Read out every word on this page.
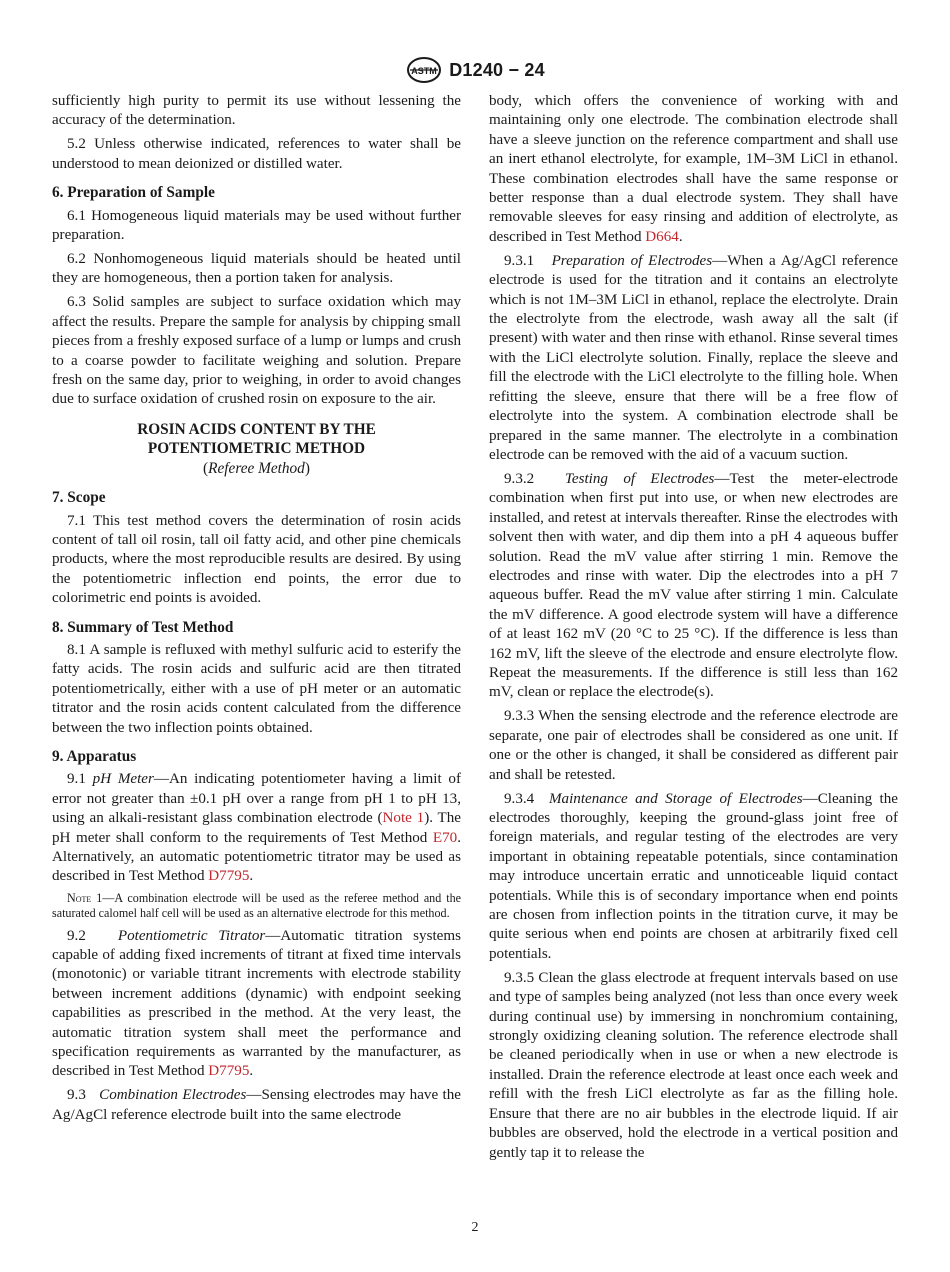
ASTM D1240 − 24

sufficiently high purity to permit its use without lessening the accuracy of the determination.

5.2 Unless otherwise indicated, references to water shall be understood to mean deionized or distilled water.

6. Preparation of Sample

6.1 Homogeneous liquid materials may be used without further preparation.

6.2 Nonhomogeneous liquid materials should be heated until they are homogeneous, then a portion taken for analysis.

6.3 Solid samples are subject to surface oxidation which may affect the results. Prepare the sample for analysis by chipping small pieces from a freshly exposed surface of a lump or lumps and crush to a coarse powder to facilitate weighing and solution. Prepare fresh on the same day, prior to weighing, in order to avoid changes due to surface oxidation of crushed rosin on exposure to the air.

ROSIN ACIDS CONTENT BY THE
POTENTIOMETRIC METHOD
(Referee Method)
7. Scope

7.1 This test method covers the determination of rosin acids content of tall oil rosin, tall oil fatty acid, and other pine chemicals products, where the most reproducible results are desired. By using the potentiometric inflection end points, the error due to colorimetric end points is avoided.

8. Summary of Test Method

8.1 A sample is refluxed with methyl sulfuric acid to esterify the fatty acids. The rosin acids and sulfuric acid are then titrated potentiometrically, either with a use of pH meter or an automatic titrator and the rosin acids content calculated from the difference between the two inflection points obtained.

9. Apparatus

9.1 pH Meter—An indicating potentiometer having a limit of error not greater than ±0.1 pH over a range from pH 1 to pH 13, using an alkali-resistant glass combination electrode (Note 1). The pH meter shall conform to the requirements of Test Method E70. Alternatively, an automatic potentiometric titrator may be used as described in Test Method D7795.

Note 1—A combination electrode will be used as the referee method and the saturated calomel half cell will be used as an alternative electrode for this method.

9.2 Potentiometric Titrator—Automatic titration systems capable of adding fixed increments of titrant at fixed time intervals (monotonic) or variable titrant increments with electrode stability between increment additions (dynamic) with endpoint seeking capabilities as prescribed in the method. At the very least, the automatic titration system shall meet the performance and specification requirements as warranted by the manufacturer, as described in Test Method D7795.

9.3 Combination Electrodes—Sensing electrodes may have the Ag/AgCl reference electrode built into the same electrode

body, which offers the convenience of working with and maintaining only one electrode. The combination electrode shall have a sleeve junction on the reference compartment and shall use an inert ethanol electrolyte, for example, 1M–3M LiCl in ethanol. These combination electrodes shall have the same response or better response than a dual electrode system. They shall have removable sleeves for easy rinsing and addition of electrolyte, as described in Test Method D664.

9.3.1 Preparation of Electrodes—When a Ag/AgCl reference electrode is used for the titration and it contains an electrolyte which is not 1M–3M LiCl in ethanol, replace the electrolyte. Drain the electrolyte from the electrode, wash away all the salt (if present) with water and then rinse with ethanol. Rinse several times with the LiCl electrolyte solution. Finally, replace the sleeve and fill the electrode with the LiCl electrolyte to the filling hole. When refitting the sleeve, ensure that there will be a free flow of electrolyte into the system. A combination electrode shall be prepared in the same manner. The electrolyte in a combination electrode can be removed with the aid of a vacuum suction.

9.3.2 Testing of Electrodes—Test the meter-electrode combination when first put into use, or when new electrodes are installed, and retest at intervals thereafter. Rinse the electrodes with solvent then with water, and dip them into a pH 4 aqueous buffer solution. Read the mV value after stirring 1 min. Remove the electrodes and rinse with water. Dip the electrodes into a pH 7 aqueous buffer. Read the mV value after stirring 1 min. Calculate the mV difference. A good electrode system will have a difference of at least 162 mV (20 °C to 25 °C). If the difference is less than 162 mV, lift the sleeve of the electrode and ensure electrolyte flow. Repeat the measurements. If the difference is still less than 162 mV, clean or replace the electrode(s).

9.3.3 When the sensing electrode and the reference electrode are separate, one pair of electrodes shall be considered as one unit. If one or the other is changed, it shall be considered as different pair and shall be retested.

9.3.4 Maintenance and Storage of Electrodes—Cleaning the electrodes thoroughly, keeping the ground-glass joint free of foreign materials, and regular testing of the electrodes are very important in obtaining repeatable potentials, since contamination may introduce uncertain erratic and unnoticeable liquid contact potentials. While this is of secondary importance when end points are chosen from inflection points in the titration curve, it may be quite serious when end points are chosen at arbitrarily fixed cell potentials.

9.3.5 Clean the glass electrode at frequent intervals based on use and type of samples being analyzed (not less than once every week during continual use) by immersing in nonchromium containing, strongly oxidizing cleaning solution. The reference electrode shall be cleaned periodically when in use or when a new electrode is installed. Drain the reference electrode at least once each week and refill with the fresh LiCl electrolyte as far as the filling hole. Ensure that there are no air bubbles in the electrode liquid. If air bubbles are observed, hold the electrode in a vertical position and gently tap it to release the

2
